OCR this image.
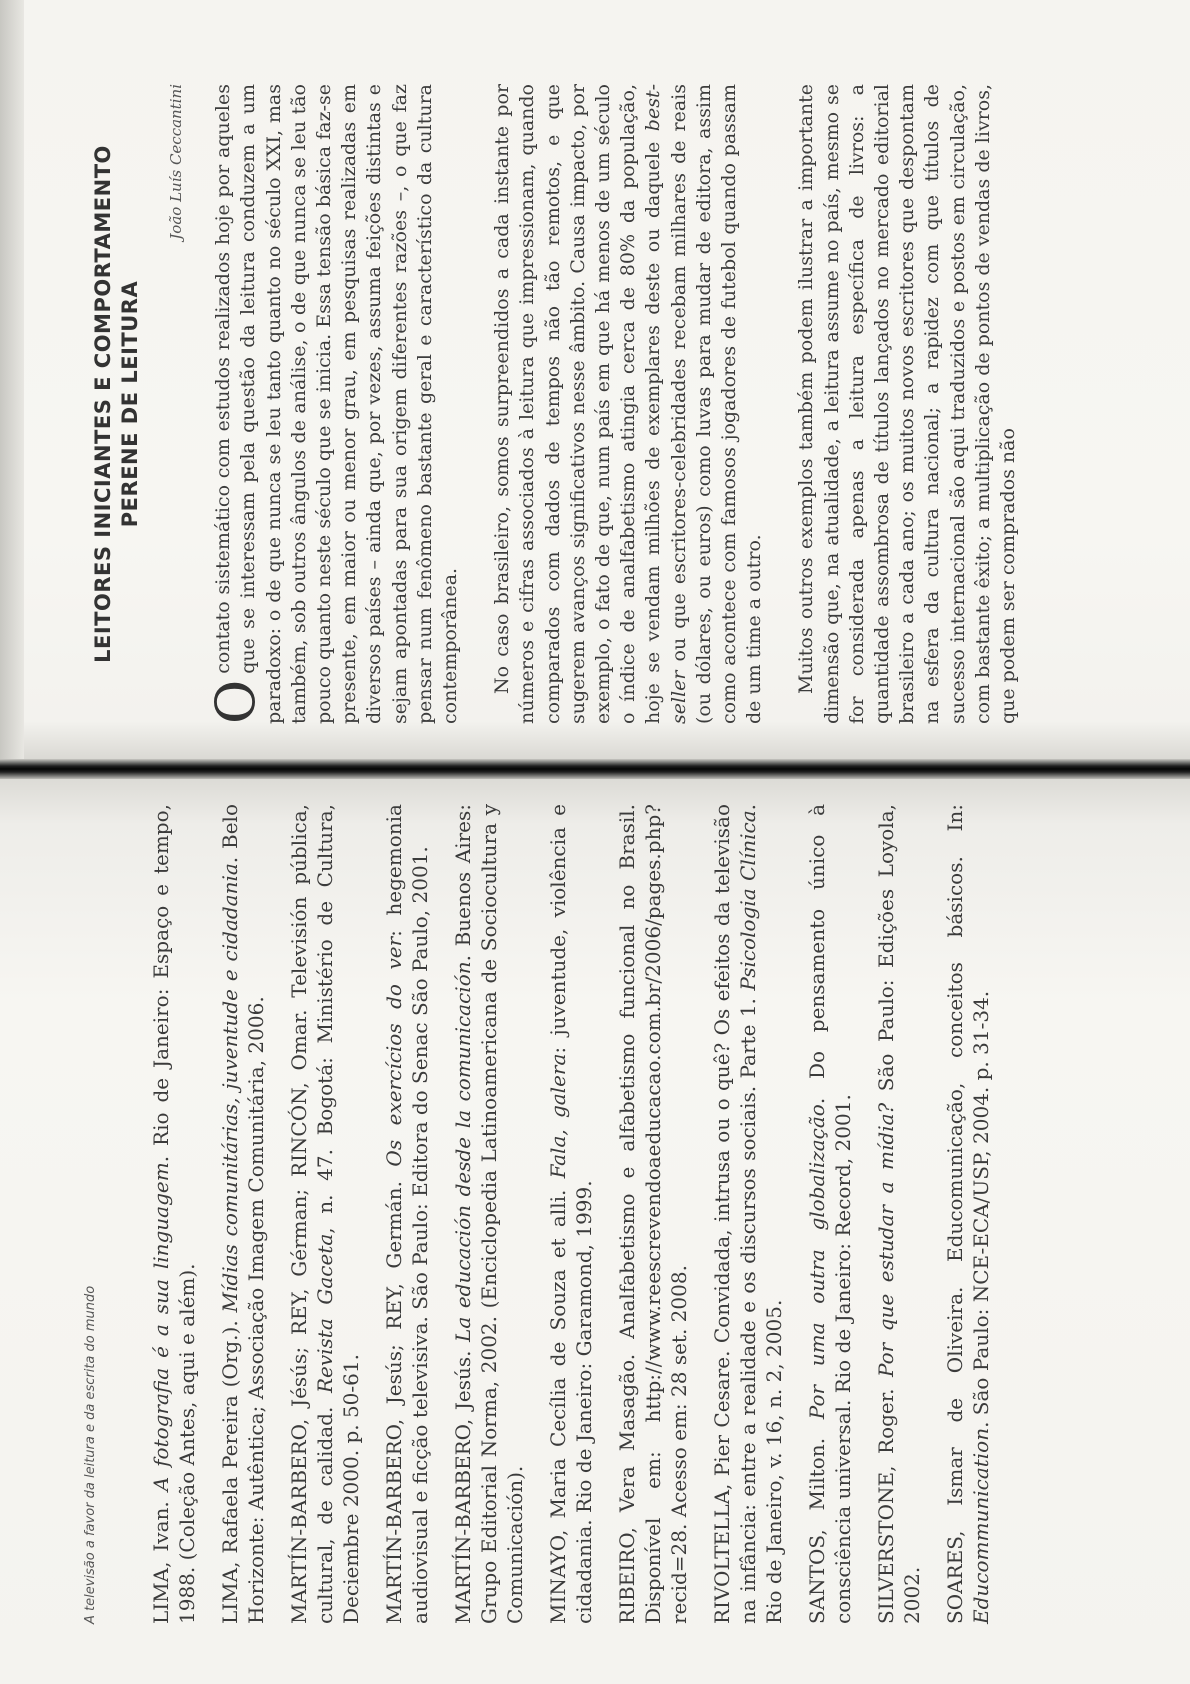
A televisão a favor da leitura e da escrita do mundo	LIMA, Ivan. A fotografia é a sua linguagem. Rio de Janeiro: Espaço e tempo, 1988. (Coleção Antes, aqui e além). LIMA, Rafaela Pereira (Org.). Mídias comunitárias, juventude e cidadania. Belo Horizonte: Autêntica; Associação Imagem Comunitária, 2006. MARTÍN-BARBERO, Jésús; REY, Gérman; RINCÓN, Omar. Televisión pública, cultural, de calidad. Revista Gaceta, n. 47. Bogotá: Ministério de Cultura, Deciembre 2000. p. 50-61. MARTÍN-BARBERO, Jesús; REY, Germán. Os exercícios do ver: hegemonia audiovisual e ficção televisiva. São Paulo: Editora do Senac São Paulo, 2001. MARTÍN-BARBERO, Jesús. La educación desde la comunicación. Buenos Aires: Grupo Editorial Norma, 2002. (Enciclopedia Latinoamericana de Sociocultura y Comunicación). MINAYO, Maria Cecília de Souza et alli. Fala, galera: juventude, violência e cidadania. Rio de Janeiro: Garamond, 1999. RIBEIRO, Vera Masagão. Analfabetismo e alfabetismo funcional no Brasil. Disponível em: http://www.reescrevendoaeducacao.com.br/2006/pages.php?recid=28. Acesso em: 28 set. 2008. RIVOLTELLA, Pier Cesare. Convidada, intrusa ou o quê? Os efeitos da televisão na infância: entre a realidade e os discursos sociais. Parte 1. Psicologia Clínica. Rio de Janeiro, v. 16, n. 2, 2005. SANTOS, Milton. Por uma outra globalização. Do pensamento único à consciência universal. Rio de Janeiro: Record, 2001. SILVERSTONE, Roger. Por que estudar a mídia? São Paulo: Edições Loyola, 2002. SOARES, Ismar de Oliveira. Educomunicação, conceitos básicos. In: Educommunication. São Paulo: NCE-ECA/USP, 2004. p. 31-34.

LEITORES INICIANTES E COMPORTAMENTO PERENE DE LEITURA
João Luís Ceccantini

O
contato sistemático com estudos realizados hoje por aqueles que se interessam pela questão da leitura conduzem a um paradoxo: o de que nunca se leu tanto quanto no século XXI, mas também, sob outros ângulos de análise, o de que nunca se leu tão pouco quanto neste século que se inicia. Essa tensão básica faz-se presente, em maior ou menor grau, em pesquisas realizadas em diversos países – ainda que, por vezes, assuma feições distintas e sejam apontadas para sua origem diferentes razões –, o que faz pensar num fenômeno bastante geral e característico da cultura contemporânea. No caso brasileiro, somos surpreendidos a cada instante por números e cifras associados à leitura que impressionam, quando comparados com dados de tempos não tão remotos, e que sugerem avanços significativos nesse âmbito. Causa impacto, por exemplo, o fato de que, num país em que há menos de um século o índice de analfabetismo atingia cerca de 80% da população, hoje se vendam milhões de exemplares deste ou daquele best-seller ou que escritores-celebridades recebam milhares de reais (ou dólares, ou euros) como luvas para mudar de editora, assim como acontece com famosos jogadores de futebol quando passam de um time a outro. Muitos outros exemplos também podem ilustrar a importante dimensão que, na atualidade, a leitura assume no país, mesmo se for considerada apenas a leitura específica de livros: a quantidade assombrosa de títulos lançados no mercado editorial brasileiro a cada ano; os muitos novos escritores que despontam na esfera da cultura nacional; a rapidez com que títulos de sucesso internacional são aqui traduzidos e postos em circulação, com bastante êxito; a multiplicação de pontos de vendas de livros, que podem ser comprados não
